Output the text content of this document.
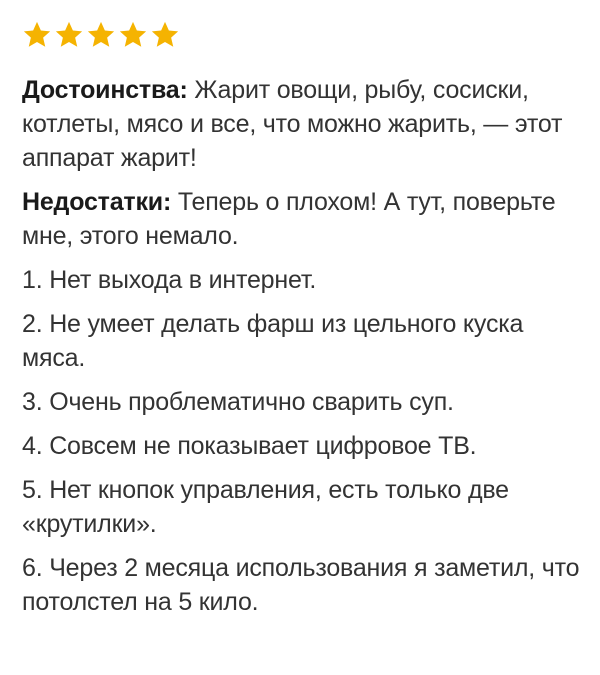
Достоинства: Жарит овощи, рыбу, сосиски, котлеты, мясо и все, что можно жарить, — этот аппарат жарит!

Недостатки: Теперь о плохом! А тут, поверьте мне, этого немало.

1. Нет выхода в интернет.

2. Не умеет делать фарш из цельного куска мяса.

3. Очень проблематично сварить суп.

4. Совсем не показывает цифровое ТВ.

5. Нет кнопок управления, есть только две «крутилки».

6. Через 2 месяца использования я заметил, что потолстел на 5 кило.
